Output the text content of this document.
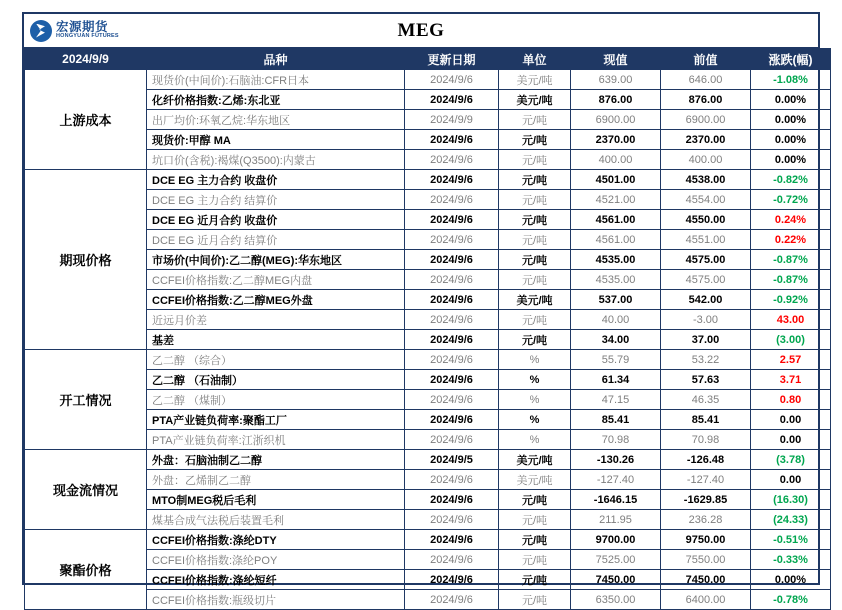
宏源期货
HONGYUAN FUTURES	MEG
2024/9/9	品种	更新日期	单位	现值	前值	涨跌(幅)
上游成本	现货价(中间价):石脑油:CFR日本	2024/9/6	美元/吨	639.00	646.00	-1.08%
	化纤价格指数:乙烯:东北亚	2024/9/6	美元/吨	876.00	876.00	0.00%
	出厂均价:环氧乙烷:华东地区	2024/9/9	元/吨	6900.00	6900.00	0.00%
	现货价:甲醇 MA	2024/9/6	元/吨	2370.00	2370.00	0.00%
	坑口价(含税):褐煤(Q3500):内蒙古	2024/9/6	元/吨	400.00	400.00	0.00%
期现价格	DCE EG 主力合约 收盘价	2024/9/6	元/吨	4501.00	4538.00	-0.82%
	DCE EG 主力合约 结算价	2024/9/6	元/吨	4521.00	4554.00	-0.72%
	DCE EG 近月合约 收盘价	2024/9/6	元/吨	4561.00	4550.00	0.24%
	DCE EG 近月合约 结算价	2024/9/6	元/吨	4561.00	4551.00	0.22%
	市场价(中间价):乙二醇(MEG):华东地区	2024/9/6	元/吨	4535.00	4575.00	-0.87%
	CCFEI价格指数:乙二醇MEG内盘	2024/9/6	元/吨	4535.00	4575.00	-0.87%
	CCFEI价格指数:乙二醇MEG外盘	2024/9/6	美元/吨	537.00	542.00	-0.92%
	近远月价差	2024/9/6	元/吨	40.00	-3.00	43.00
	基差	2024/9/6	元/吨	34.00	37.00	(3.00)
开工情况	乙二醇 （综合）	2024/9/6	%	55.79	53.22	2.57
	乙二醇 （石油制）	2024/9/6	%	61.34	57.63	3.71
	乙二醇 （煤制）	2024/9/6	%	47.15	46.35	0.80
	PTA产业链负荷率:聚酯工厂	2024/9/6	%	85.41	85.41	0.00
	PTA产业链负荷率:江浙织机	2024/9/6	%	70.98	70.98	0.00
现金流情况	外盘：石脑油制乙二醇	2024/9/5	美元/吨	-130.26	-126.48	(3.78)
	外盘：乙烯制乙二醇	2024/9/6	美元/吨	-127.40	-127.40	0.00
	MTO制MEG税后毛利	2024/9/6	元/吨	-1646.15	-1629.85	(16.30)
	煤基合成气法税后装置毛利	2024/9/6	元/吨	211.95	236.28	(24.33)
聚酯价格	CCFEI价格指数:涤纶DTY	2024/9/6	元/吨	9700.00	9750.00	-0.51%
	CCFEI价格指数:涤纶POY	2024/9/6	元/吨	7525.00	7550.00	-0.33%
	CCFEI价格指数:涤纶短纤	2024/9/6	元/吨	7450.00	7450.00	0.00%
	CCFEI价格指数:瓶级切片	2024/9/6	元/吨	6350.00	6400.00	-0.78%
